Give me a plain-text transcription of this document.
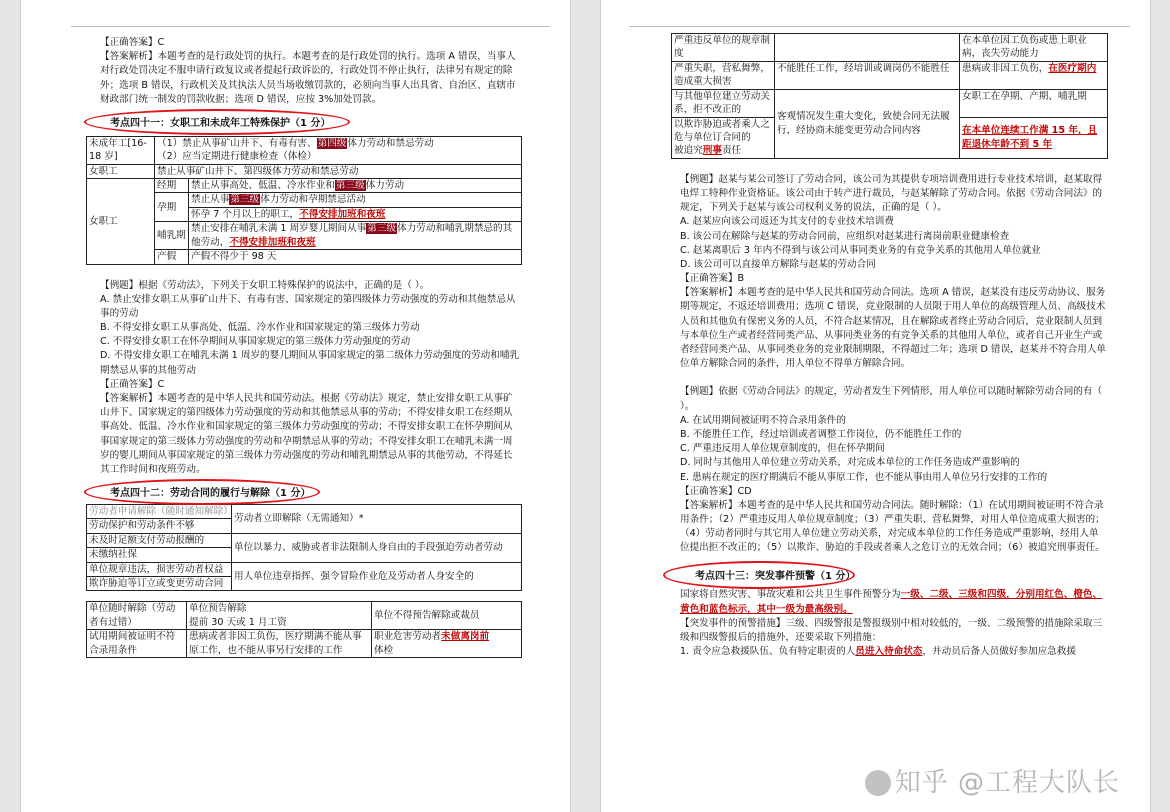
【正确答案】C

【答案解析】本题考查的是行政处罚的执行。本题考查的是行政处罚的执行。选项 A 错误，当事人对行政处罚决定不服申请行政复议或者提起行政诉讼的，行政处罚不停止执行，法律另有规定的除外；选项 B 错误，行政机关及其执法人员当场收缴罚款的，必须向当事人出具省、自治区、直辖市财政部门统一制发的罚款收据；选项 D 错误，应按 3%加处罚款。

考点四十一：女职工和未成年工特殊保护（1 分）
未成年工[16-18 岁]	（1）禁止从事矿山井下、有毒有害、第四级体力劳动和禁忌劳动	
	（2）应当定期进行健康检查（体检）	
女职工	禁止从事矿山井下、第四级体力劳动和禁忌劳动	
女职工	经期	禁止从事高处、低温、冷水作业和第三级体力劳动
	孕期	禁止从事第三级体力劳动和孕期禁忌活动
		怀孕 7 个月以上的职工，不得安排加班和夜班
	哺乳期	禁止安排在哺乳未满 1 周岁婴儿期间从事第三级体力劳动和哺乳期禁忌的其他劳动，不得安排加班和夜班
	产假	产假不得少于 98 天

【例题】根据《劳动法》，下列关于女职工特殊保护的说法中，正确的是（ ）。

A. 禁止安排女职工从事矿山井下、有毒有害、国家规定的第四级体力劳动强度的劳动和其他禁忌从事的劳动

B. 不得安排女职工从事高处、低温、冷水作业和国家规定的第三级体力劳动

C. 不得安排女职工在怀孕期间从事国家规定的第三级体力劳动强度的劳动

D. 不得安排女职工在哺乳未满 1 周岁的婴儿期间从事国家规定的第二级体力劳动强度的劳动和哺乳期禁忌从事的其他劳动

【正确答案】C

【答案解析】本题考查的是中华人民共和国劳动法。根据《劳动法》规定，禁止安排女职工从事矿山井下、国家规定的第四级体力劳动强度的劳动和其他禁忌从事的劳动；不得安排女职工在经期从事高处、低温、冷水作业和国家规定的第三级体力劳动强度的劳动；不得安排女职工在怀孕期间从事国家规定的第三级体力劳动强度的劳动和孕期禁忌从事的劳动；不得安排女职工在哺乳未满一周岁的婴儿期间从事国家规定的第三级体力劳动强度的劳动和哺乳期禁忌从事的其他劳动，不得延长其工作时间和夜班劳动。

考点四十二：劳动合同的履行与解除（1 分）
劳动者申请解除（随时通知解除）	劳动者立即解除（无需通知）*
劳动保护和劳动条件不够	
未及时足额支付劳动报酬的	单位以暴力、威胁或者非法限制人身自由的手段强迫劳动者劳动
未缴纳社保	
单位规章违法，损害劳动者权益	用人单位违章指挥、强令冒险作业危及劳动者人身安全的
欺诈胁迫等订立或变更劳动合同	
单位随时解除（劳动者有过错）	单位预告解除
提前 30 天或 1 月工资	单位不得预告解除或裁员
试用期间被证明不符合录用条件	患病或者非因工负伤，医疗期满不能从事原工作，也不能从事另行安排的工作	职业危害劳动者未做离岗前
体检
严重违反单位的规章制度		在本单位因工负伤或患上职业病，丧失劳动能力
严重失职，营私舞弊，造成重大损害	不能胜任工作，经培训或调岗仍不能胜任	患病或非因工负伤，在医疗期内
与其他单位建立劳动关系，拒不改正的	客观情况发生重大变化，致使合同无法履行，经协商未能变更劳动合同内容	女职工在孕期、产期、哺乳期
以欺诈胁迫或者乘人之危与单位订合同的
被追究刑事责任		在本单位连续工作满 15 年，且距退休年龄不到 5 年

【例题】赵某与某公司签订了劳动合同，该公司为其提供专项培训费用进行专业技术培训，赵某取得电焊工特种作业资格证。该公司由于转产进行裁员，与赵某解除了劳动合同。依据《劳动合同法》的规定，下列关于赵某与该公司权利义务的说法，正确的是（ ）。

A. 赵某应向该公司返还为其支付的专业技术培训费

B. 该公司在解除与赵某的劳动合同前，应组织对赵某进行离岗前职业健康检查

C. 赵某离职后 3 年内不得到与该公司从事同类业务的有竞争关系的其他用人单位就业

D. 该公司可以直接单方解除与赵某的劳动合同

【正确答案】B

【答案解析】本题考查的是中华人民共和国劳动合同法。选项 A 错误，赵某没有违反劳动协议、服务期等规定，不返还培训费用；选项 C 错误，竞业限制的人员限于用人单位的高级管理人员、高级技术人员和其他负有保密义务的人员，不符合赵某情况，且在解除或者终止劳动合同后，竞业限制人员到与本单位生产或者经营同类产品、从事同类业务的有竞争关系的其他用人单位，或者自己开业生产或者经营同类产品、从事同类业务的竞业限制期限，不得超过二年；选项 D 错误，赵某并不符合用人单位单方解除合同的条件，用人单位不得单方解除合同。

【例题】依据《劳动合同法》的规定，劳动者发生下列情形，用人单位可以随时解除劳动合同的有（ ）。

A. 在试用期间被证明不符合录用条件的

B. 不能胜任工作，经过培训或者调整工作岗位，仍不能胜任工作的

C. 严重违反用人单位规章制度的，但在怀孕期间

D. 同时与其他用人单位建立劳动关系，对完成本单位的工作任务造成严重影响的

E. 患病在规定的医疗期满后不能从事原工作，也不能从事由用人单位另行安排的工作的

【正确答案】CD

【答案解析】本题考查的是中华人民共和国劳动合同法。随时解除：（1）在试用期间被证明不符合录用条件；（2）严重违反用人单位规章制度；（3）严重失职、营私舞弊，对用人单位造成重大损害的；（4）劳动者同时与其它用人单位建立劳动关系，对完成本单位的工作任务造成严重影响，经用人单位提出拒不改正的；（5）以欺诈、胁迫的手段或者乘人之危订立的无效合同；（6）被追究刑事责任。

考点四十三：突发事件预警（1 分）

国家将自然灾害、事故灾难和公共卫生事件预警分为一级、二级、三级和四级，分别用红色、橙色、黄色和蓝色标示，其中一级为最高级别。

【突发事件的预警措施】三级、四级警报是警报级别中相对较低的，一级、二级预警的措施除采取三级和四级警报后的措施外，还要采取下列措施：

1. 责令应急救援队伍、负有特定职责的人员进入待命状态，并动员后备人员做好参加应急救援

知乎 @工程大队长
